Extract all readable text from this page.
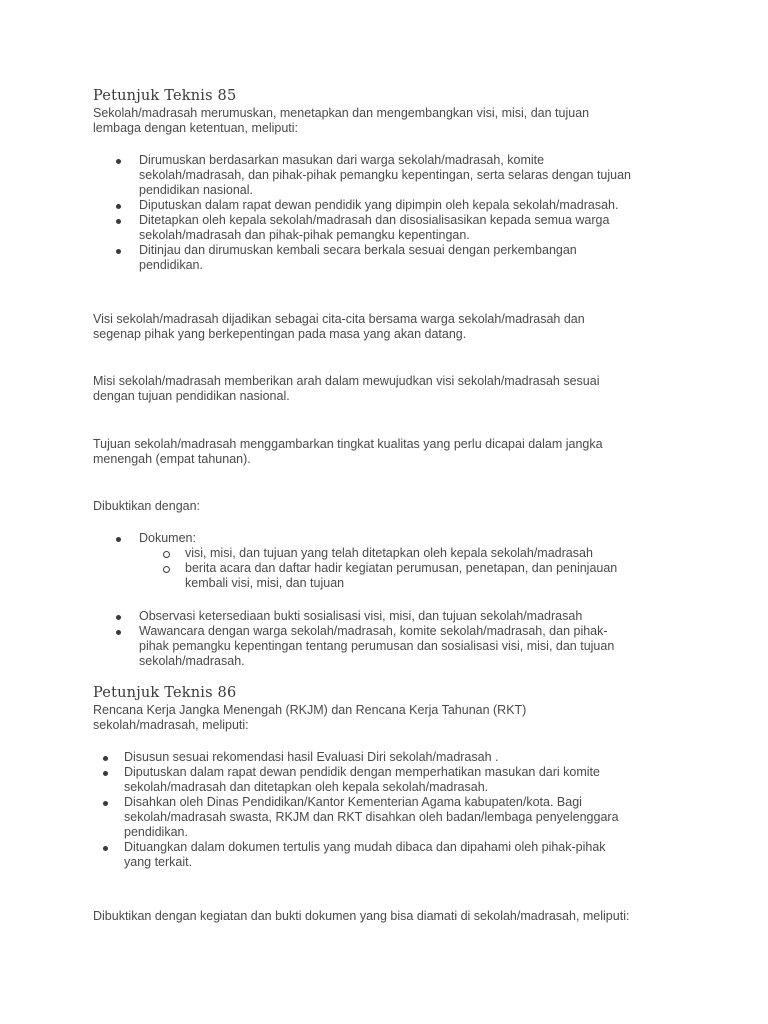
Petunjuk Teknis 85

Sekolah/madrasah merumuskan, menetapkan dan mengembangkan visi, misi, dan tujuan
lembaga dengan ketentuan, meliputi:

Dirumuskan berdasarkan masukan dari warga sekolah/madrasah, komite
sekolah/madrasah, dan pihak-pihak pemangku kepentingan, serta selaras dengan tujuan
pendidikan nasional.
Diputuskan dalam rapat dewan pendidik yang dipimpin oleh kepala sekolah/madrasah.
Ditetapkan oleh kepala sekolah/madrasah dan disosialisasikan kepada semua warga
sekolah/madrasah dan pihak-pihak pemangku kepentingan.
Ditinjau dan dirumuskan kembali secara berkala sesuai dengan perkembangan
pendidikan.

Visi sekolah/madrasah dijadikan sebagai cita-cita bersama warga sekolah/madrasah dan
segenap pihak yang berkepentingan pada masa yang akan datang.

Misi sekolah/madrasah memberikan arah dalam mewujudkan visi sekolah/madrasah sesuai
dengan tujuan pendidikan nasional.

Tujuan sekolah/madrasah menggambarkan tingkat kualitas yang perlu dicapai dalam jangka
menengah (empat tahunan).

Dibuktikan dengan:

Dokumen:
visi, misi, dan tujuan yang telah ditetapkan oleh kepala sekolah/madrasah
berita acara dan daftar hadir kegiatan perumusan, penetapan, dan peninjauan
kembali visi, misi, dan tujuan
Observasi ketersediaan bukti sosialisasi visi, misi, dan tujuan sekolah/madrasah
Wawancara dengan warga sekolah/madrasah, komite sekolah/madrasah, dan pihak-
pihak pemangku kepentingan tentang perumusan dan sosialisasi visi, misi, dan tujuan
sekolah/madrasah.
Petunjuk Teknis 86

Rencana Kerja Jangka Menengah (RKJM) dan Rencana Kerja Tahunan (RKT)
sekolah/madrasah, meliputi:

Disusun sesuai rekomendasi hasil Evaluasi Diri sekolah/madrasah .
Diputuskan dalam rapat dewan pendidik dengan memperhatikan masukan dari komite
sekolah/madrasah dan ditetapkan oleh kepala sekolah/madrasah.
Disahkan oleh Dinas Pendidikan/Kantor Kementerian Agama kabupaten/kota. Bagi
sekolah/madrasah swasta, RKJM dan RKT disahkan oleh badan/lembaga penyelenggara
pendidikan.
Dituangkan dalam dokumen tertulis yang mudah dibaca dan dipahami oleh pihak-pihak
yang terkait.

Dibuktikan dengan kegiatan dan bukti dokumen yang bisa diamati di sekolah/madrasah, meliputi:
